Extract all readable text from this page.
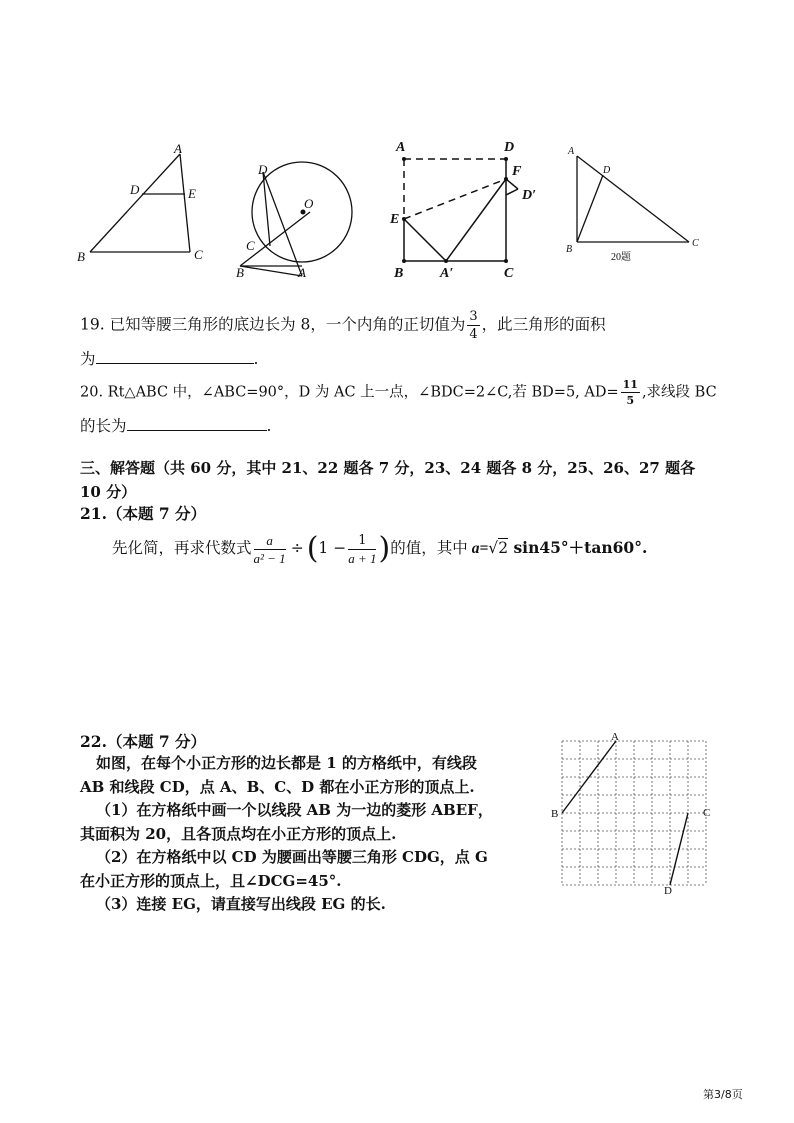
A
D	E
B	C
D
O
C
B	A
A	D
F
D′
E
B	A′	C
A
D
B
C
20题
19. 已知等腰三角形的底边长为 8，一个内角的正切值为 $\frac{3}{4}$ ，此三角形的面积
为	.
20. Rt△ABC 中，∠ABC=90°，D 为 AC 上一点，∠BDC=2∠C,若 BD=5, $AD= \frac{11}{5}$ ,求线段 BC
的长为	.
三、解答题（共 60 分，其中 21、22 题各 7 分，23、24 题各 8 分，25、26、27 题各
10 分）
21.（本题 7 分）
先化简，再求代数式 $\frac{a}{\text{a² − 1}} \div (1 - \frac{1}{a + 1}$ )的值，其中 a=√2 sin45°＋tan60°.
22.（本题 7 分）
如图，在每个小正方形的边长都是 1 的方格纸中，有线段
AB 和线段 CD，点 A、B、C、D 都在小正方形的顶点上.
（1）在方格纸中画一个以线段 AB 为一边的菱形 ABEF，
其面积为 20，且各顶点均在小正方形的顶点上.
（2）在方格纸中以 CD 为腰画出等腰三角形 CDG，点 G
在小正方形的顶点上，且∠DCG=45°.
（3）连接 EG，请直接写出线段 EG 的长.
A
B	C
D
第3/8页
